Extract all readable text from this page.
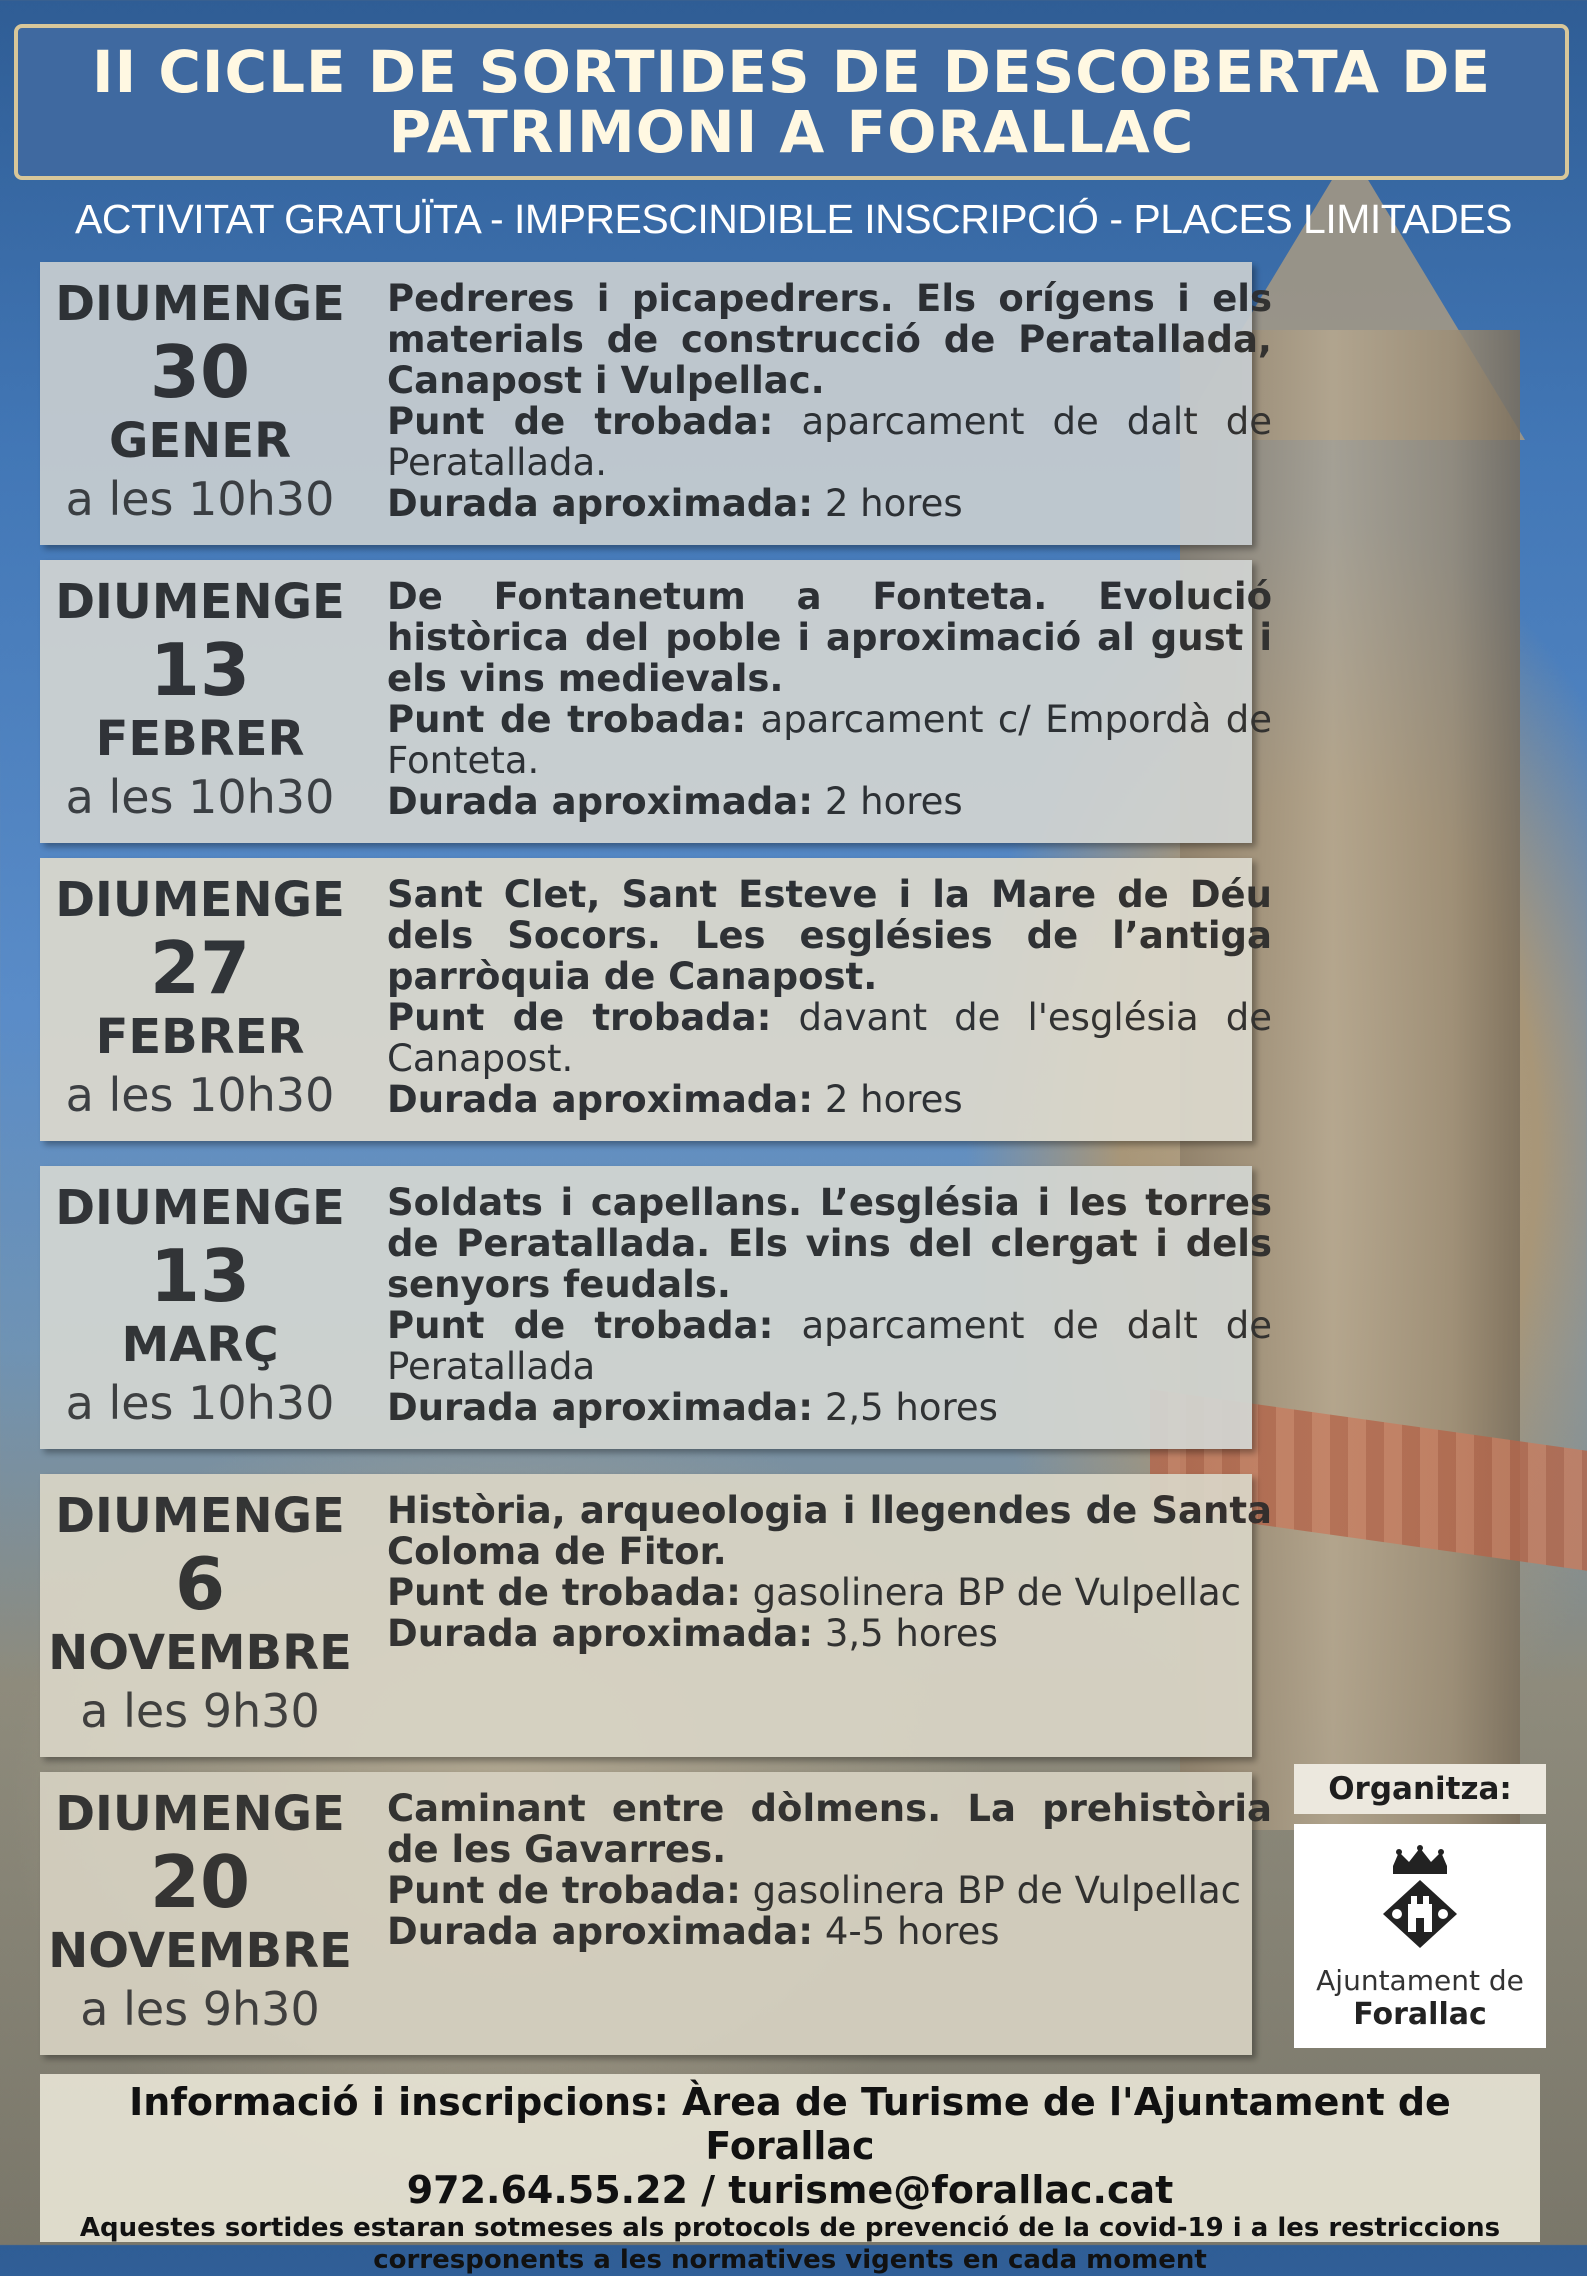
II CICLE DE SORTIDES DE DESCOBERTA DE
PATRIMONI A FORALLAC
ACTIVITAT GRATUÏTA - IMPRESCINDIBLE INSCRIPCIÓ - PLACES LIMITADES
DIUMENGE
30
GENER
a les 10h30

Pedreres i picapedrers. Els orígens i els materials de construcció de Peratallada, Canapost i Vulpellac.

Punt de trobada: aparcament de dalt de Peratallada.

Durada aproximada: 2 hores

DIUMENGE
13
FEBRER
a les 10h30

De Fontanetum a Fonteta. Evolució històrica del poble i aproximació al gust i els vins medievals.

Punt de trobada: aparcament c/ Empordà de Fonteta.

Durada aproximada: 2 hores

DIUMENGE
27
FEBRER
a les 10h30

Sant Clet, Sant Esteve i la Mare de Déu dels Socors. Les esglésies de l’antiga parròquia de Canapost.

Punt de trobada: davant de l'església de Canapost.

Durada aproximada: 2 hores

DIUMENGE
13
MARÇ
a les 10h30

Soldats i capellans. L’església i les torres de Peratallada. Els vins del clergat i dels senyors feudals.

Punt de trobada: aparcament de dalt de Peratallada

Durada aproximada: 2,5 hores

DIUMENGE
6
NOVEMBRE
a les 9h30

Història, arqueologia i llegendes de Santa Coloma de Fitor.

Punt de trobada: gasolinera BP de Vulpellac

Durada aproximada: 3,5 hores

DIUMENGE
20
NOVEMBRE
a les 9h30

Caminant entre dòlmens. La prehistòria de les Gavarres.

Punt de trobada: gasolinera BP de Vulpellac

Durada aproximada: 4-5 hores

Organitza:
Ajuntament de
Forallac
Informació i inscripcions: Àrea de Turisme de l'Ajuntament de Forallac
972.64.55.22 / turisme@forallac.cat
Aquestes sortides estaran sotmeses als protocols de prevenció de la covid-19 i a les restriccions corresponents a les normatives vigents en cada moment
